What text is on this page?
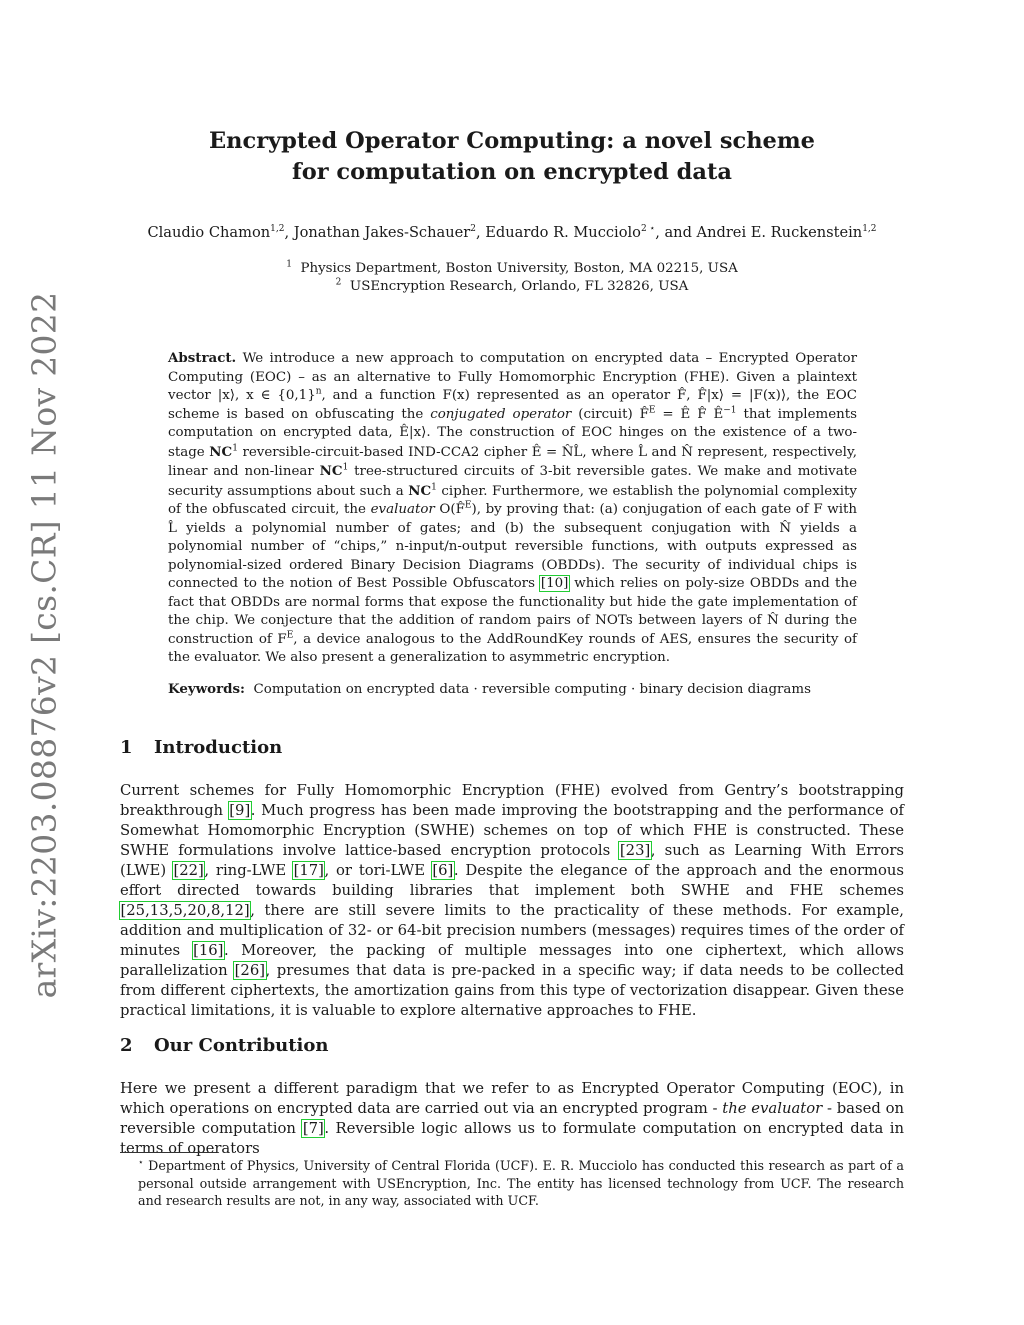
arXiv:2203.08876v2 [cs.CR] 11 Nov 2022
Encrypted Operator Computing: a novel scheme
for computation on encrypted data
Claudio Chamon$^{1,2}$, Jonathan Jakes-Schauer$^2$, Eduardo R. Mucciolo$^{2 ⋆}$, and Andrei E. Ruckenstein$^{1,2}$
$^1$ Physics Department, Boston University, Boston, MA 02215, USA
$^2$ USEncryption Research, Orlando, FL 32826, USA
Abstract. We introduce a new approach to computation on encrypted data – Encrypted Operator Computing (EOC) – as an alternative to Fully Homomorphic Encryption (FHE). Given a plaintext vector |x⟩, x ∈ $\{0,1\}^n$, and a function F(x) represented as an operator F̂, F̂|x⟩ = |F(x)⟩, the EOC scheme is based on obfuscating the conjugated operator (circuit) F̂$^E$ = Ê F̂ $Ê^{-1}$ that implements computation on encrypted data, Ê|x⟩. The construction of EOC hinges on the existence of a two-stage $NC^1$ reversible-circuit-based IND-CCA2 cipher Ê = N̂L̂, where L̂ and N̂ represent, respectively, linear and non-linear $NC^1$ tree-structured circuits of 3-bit reversible gates. We make and motivate security assumptions about such a $NC^1$ cipher. Furthermore, we establish the polynomial complexity of the obfuscated circuit, the evaluator O(F̂$^E$), by proving that: (a) conjugation of each gate of F with L̂ yields a polynomial number of gates; and (b) the subsequent conjugation with N̂ yields a polynomial number of “chips,” n-input/n-output reversible functions, with outputs expressed as polynomial-sized ordered Binary Decision Diagrams (OBDDs). The security of individual chips is connected to the notion of Best Possible Obfuscators [10] which relies on poly-size OBDDs and the fact that OBDDs are normal forms that expose the functionality but hide the gate implementation of the chip. We conjecture that the addition of random pairs of NOTs between layers of N̂ during the construction of $F^E$, a device analogous to the AddRoundKey rounds of AES, ensures the security of the evaluator. We also present a generalization to asymmetric encryption.
Keywords: Computation on encrypted data · reversible computing · binary decision diagrams
1 Introduction
Current schemes for Fully Homomorphic Encryption (FHE) evolved from Gentry’s bootstrapping breakthrough [9]. Much progress has been made improving the bootstrapping and the performance of Somewhat Homomorphic Encryption (SWHE) schemes on top of which FHE is constructed. These SWHE formulations involve lattice-based encryption protocols [23], such as Learning With Errors (LWE) [22], ring-LWE [17], or tori-LWE [6]. Despite the elegance of the approach and the enormous effort directed towards building libraries that implement both SWHE and FHE schemes [25,13,5,20,8,12], there are still severe limits to the practicality of these methods. For example, addition and multiplication of 32- or 64-bit precision numbers (messages) requires times of the order of minutes [16]. Moreover, the packing of multiple messages into one ciphertext, which allows parallelization [26], presumes that data is pre-packed in a specific way; if data needs to be collected from different ciphertexts, the amortization gains from this type of vectorization disappear. Given these practical limitations, it is valuable to explore alternative approaches to FHE.
2 Our Contribution
Here we present a different paradigm that we refer to as Encrypted Operator Computing (EOC), in which operations on encrypted data are carried out via an encrypted program - the evaluator - based on reversible computation [7]. Reversible logic allows us to formulate computation on encrypted data in terms of operators
⋆ Department of Physics, University of Central Florida (UCF). E. R. Mucciolo has conducted this research as part of a personal outside arrangement with USEncryption, Inc. The entity has licensed technology from UCF. The research and research results are not, in any way, associated with UCF.
